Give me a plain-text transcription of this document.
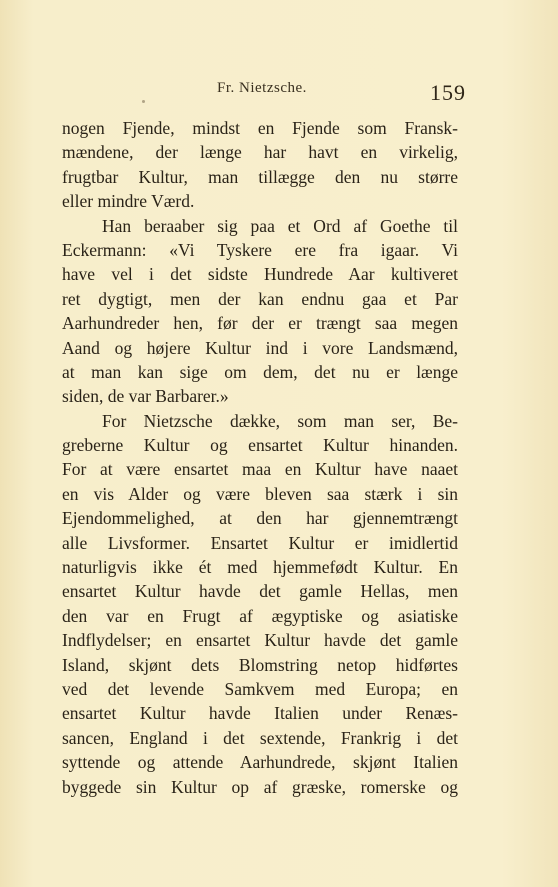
Fr. Nietzsche.	159
nogen Fjende, mindst en Fjende som Fransk-
mændene, der længe har havt en virkelig,
frugtbar Kultur, man tillægge den nu større
eller mindre Værd.
Han beraaber sig paa et Ord af Goethe til
Eckermann: «Vi Tyskere ere fra igaar. Vi
have vel i det sidste Hundrede Aar kultiveret
ret dygtigt, men der kan endnu gaa et Par
Aarhundreder hen, før der er trængt saa megen
Aand og højere Kultur ind i vore Landsmænd,
at man kan sige om dem, det nu er længe
siden, de var Barbarer.»
For Nietzsche dække, som man ser, Be-
greberne Kultur og ensartet Kultur hinanden.
For at være ensartet maa en Kultur have naaet
en vis Alder og være bleven saa stærk i sin
Ejendommelighed, at den har gjennemtrængt
alle Livsformer. Ensartet Kultur er imidlertid
naturligvis ikke ét med hjemmefødt Kultur. En
ensartet Kultur havde det gamle Hellas, men
den var en Frugt af ægyptiske og asiatiske
Indflydelser; en ensartet Kultur havde det gamle
Island, skjønt dets Blomstring netop hidførtes
ved det levende Samkvem med Europa; en
ensartet Kultur havde Italien under Renæs-
sancen, England i det sextende, Frankrig i det
syttende og attende Aarhundrede, skjønt Italien
byggede sin Kultur op af græske, romerske og
